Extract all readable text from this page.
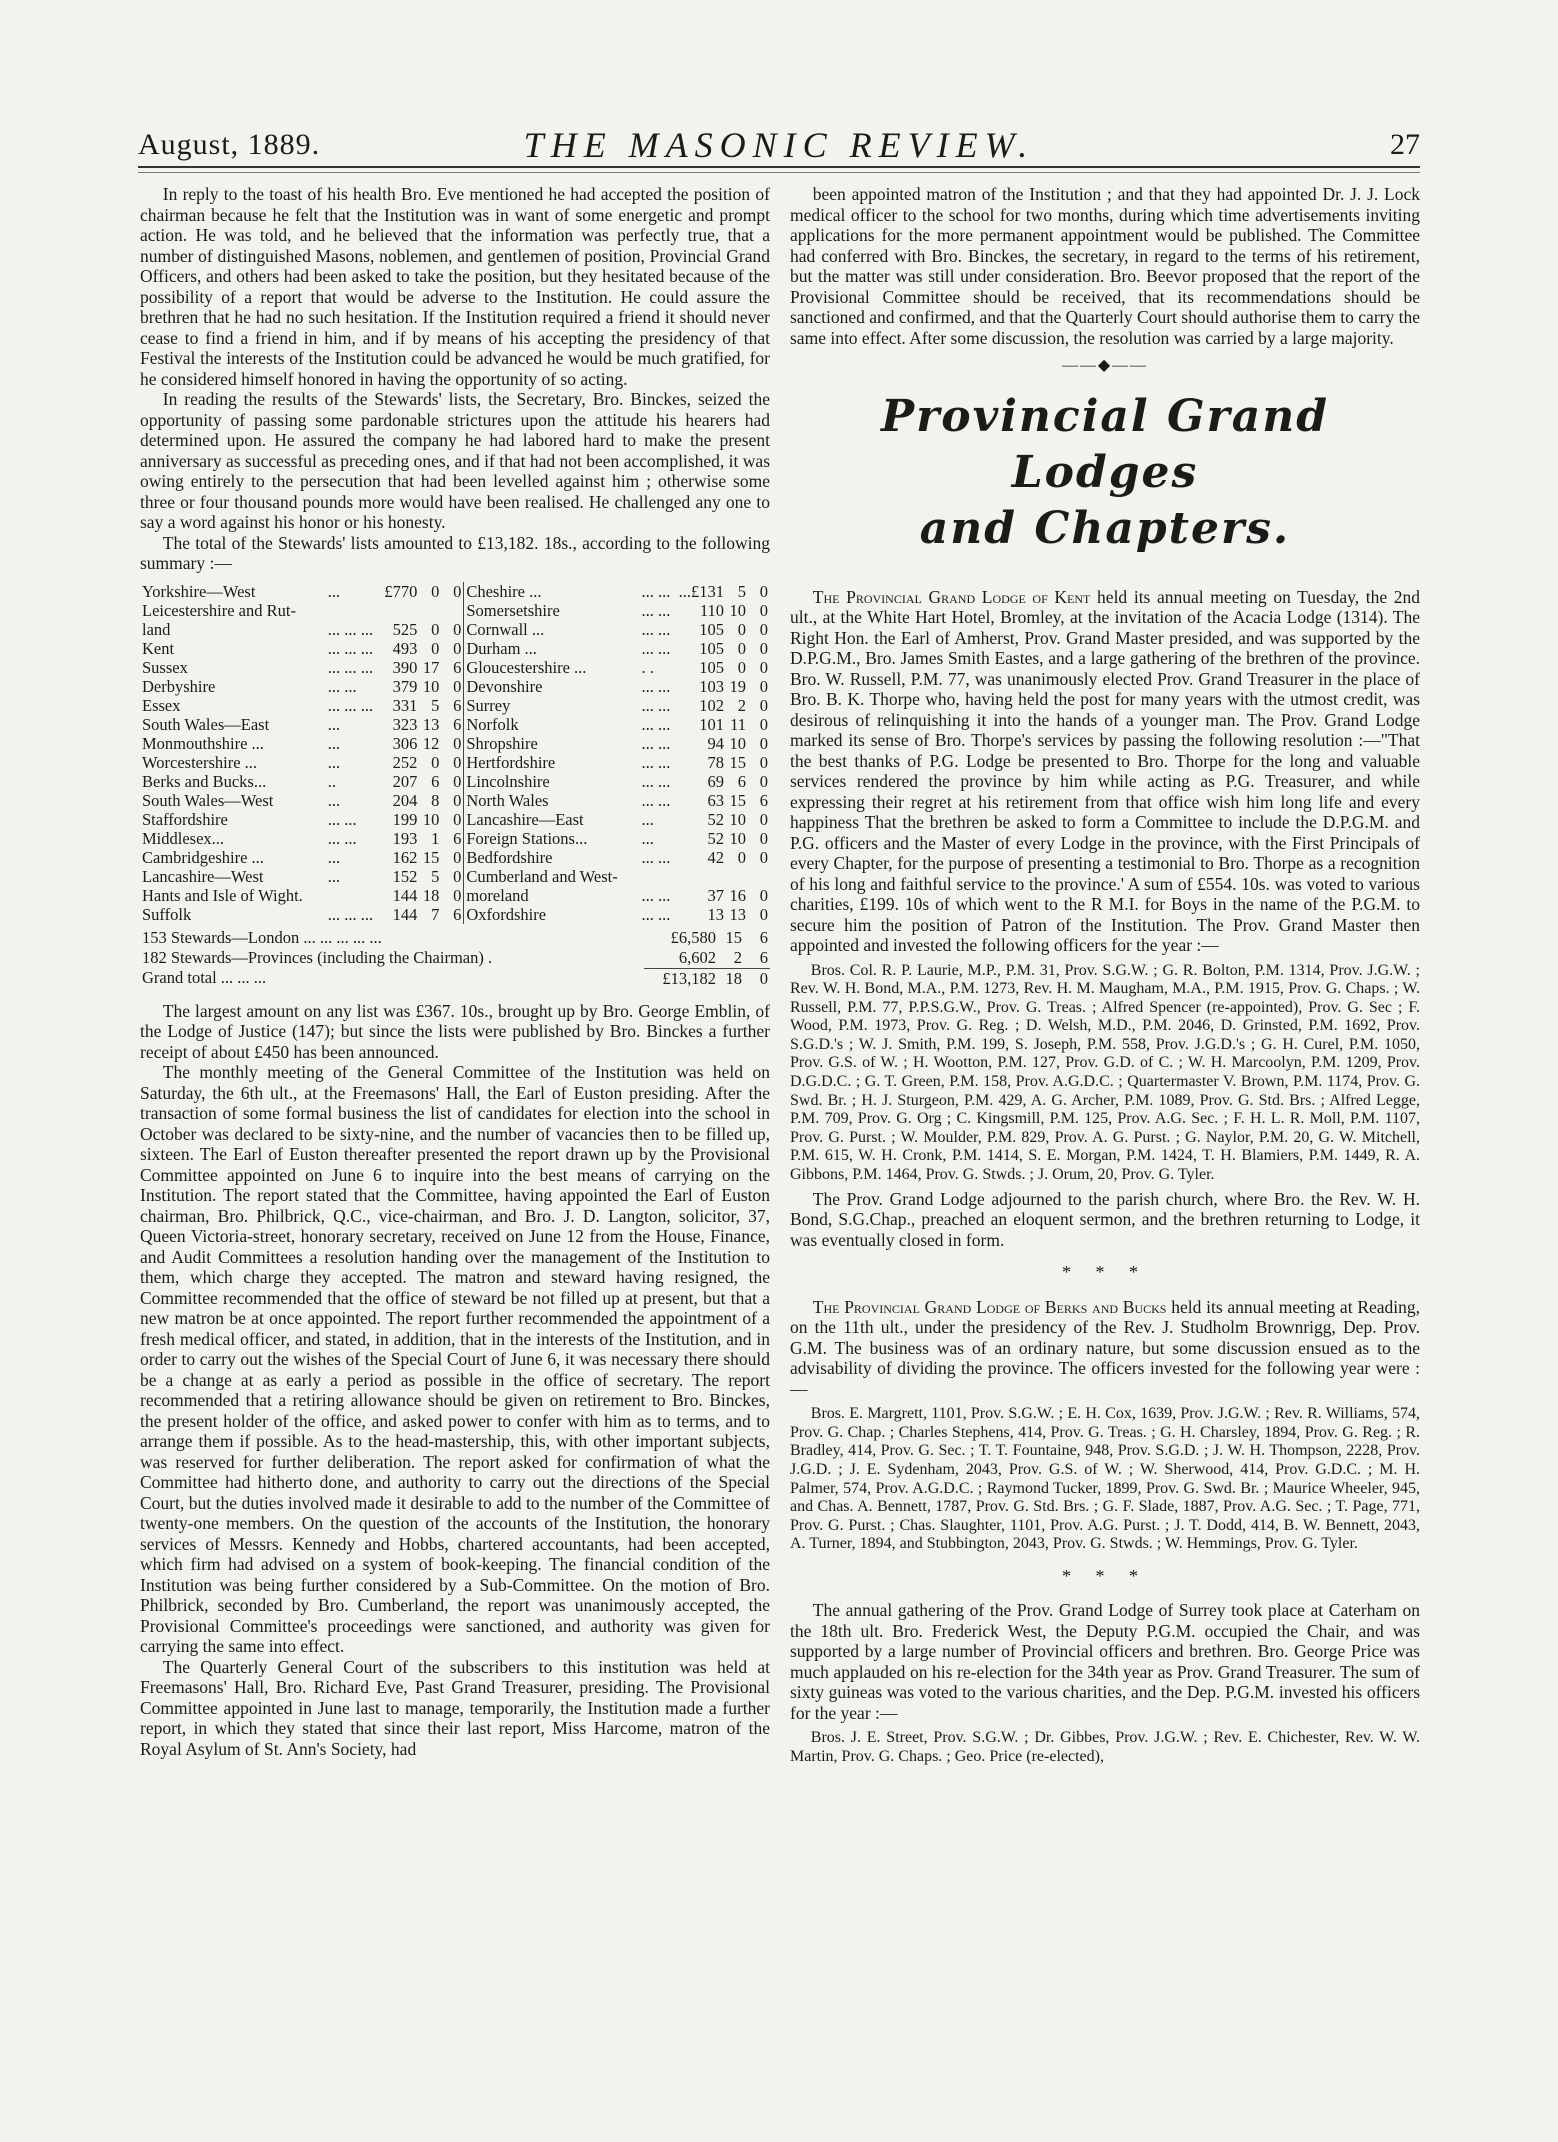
August, 1889.	THE MASONIC REVIEW.	27

In reply to the toast of his health Bro. Eve mentioned he had accepted the position of chairman because he felt that the Institution was in want of some energetic and prompt action. He was told, and he believed that the information was perfectly true, that a number of distinguished Masons, noblemen, and gentlemen of position, Provincial Grand Officers, and others had been asked to take the position, but they hesitated because of the possibility of a report that would be adverse to the Institution. He could assure the brethren that he had no such hesitation. If the Institution required a friend it should never cease to find a friend in him, and if by means of his accepting the presidency of that Festival the interests of the Institution could be advanced he would be much gratified, for he considered himself honored in having the opportunity of so acting.

In reading the results of the Stewards' lists, the Secretary, Bro. Binckes, seized the opportunity of passing some pardonable strictures upon the attitude his hearers had determined upon. He assured the company he had labored hard to make the present anniversary as successful as preceding ones, and if that had not been accomplished, it was owing entirely to the persecution that had been levelled against him ; otherwise some three or four thousand pounds more would have been realised. He challenged any one to say a word against his honor or his honesty.

The total of the Stewards' lists amounted to £13,182. 18s., according to the following summary :—

Yorkshire—West	...	£770	0	0	Cheshire ...	... ...	...£131	5	0
Leicestershire and Rut-					Somersetshire	... ...	110	10	0
land	... ... ...	525	0	0	Cornwall ...	... ...	105	0	0
Kent	... ... ...	493	0	0	Durham ...	... ...	105	0	0
Sussex	... ... ...	390	17	6	Gloucestershire ...	. .	105	0	0
Derbyshire	... ...	379	10	0	Devonshire	... ...	103	19	0
Essex	... ... ...	331	5	6	Surrey	... ...	102	2	0
South Wales—East	...	323	13	6	Norfolk	... ...	101	11	0
Monmouthshire ...	...	306	12	0	Shropshire	... ...	94	10	0
Worcestershire ...	...	252	0	0	Hertfordshire	... ...	78	15	0
Berks and Bucks...	..	207	6	0	Lincolnshire	... ...	69	6	0
South Wales—West	...	204	8	0	North Wales	... ...	63	15	6
Staffordshire	... ...	199	10	0	Lancashire—East	...	52	10	0
Middlesex...	... ...	193	1	6	Foreign Stations...	...	52	10	0
Cambridgeshire ...	...	162	15	0	Bedfordshire	... ...	42	0	0
Lancashire—West	...	152	5	0	Cumberland and West-				
Hants and Isle of Wight.		144	18	0	moreland	... ...	37	16	0
Suffolk	... ... ...	144	7	6	Oxfordshire	... ...	13	13	0
153 Stewards—London ... ... ... ... ...	£6,580	15	6
182 Stewards—Provinces (including the Chairman) .	6,602	2	6
Grand total ... ... ...	£13,182	18	0

The largest amount on any list was £367. 10s., brought up by Bro. George Emblin, of the Lodge of Justice (147); but since the lists were published by Bro. Binckes a further receipt of about £450 has been announced.

The monthly meeting of the General Committee of the Institution was held on Saturday, the 6th ult., at the Freemasons' Hall, the Earl of Euston presiding. After the transaction of some formal business the list of candidates for election into the school in October was declared to be sixty-nine, and the number of vacancies then to be filled up, sixteen. The Earl of Euston thereafter presented the report drawn up by the Provisional Committee appointed on June 6 to inquire into the best means of carrying on the Institution. The report stated that the Committee, having appointed the Earl of Euston chairman, Bro. Philbrick, Q.C., vice-chairman, and Bro. J. D. Langton, solicitor, 37, Queen Victoria-street, honorary secretary, received on June 12 from the House, Finance, and Audit Committees a resolution handing over the management of the Institution to them, which charge they accepted. The matron and steward having resigned, the Committee recommended that the office of steward be not filled up at present, but that a new matron be at once appointed. The report further recommended the appointment of a fresh medical officer, and stated, in addition, that in the interests of the Institution, and in order to carry out the wishes of the Special Court of June 6, it was necessary there should be a change at as early a period as possible in the office of secretary. The report recommended that a retiring allowance should be given on retirement to Bro. Binckes, the present holder of the office, and asked power to confer with him as to terms, and to arrange them if possible. As to the head-mastership, this, with other important subjects, was reserved for further deliberation. The report asked for confirmation of what the Committee had hitherto done, and authority to carry out the directions of the Special Court, but the duties involved made it desirable to add to the number of the Committee of twenty-one members. On the question of the accounts of the Institution, the honorary services of Messrs. Kennedy and Hobbs, chartered accountants, had been accepted, which firm had advised on a system of book-keeping. The financial condition of the Institution was being further considered by a Sub-Committee. On the motion of Bro. Philbrick, seconded by Bro. Cumberland, the report was unanimously accepted, the Provisional Committee's proceedings were sanctioned, and authority was given for carrying the same into effect.

The Quarterly General Court of the subscribers to this institution was held at Freemasons' Hall, Bro. Richard Eve, Past Grand Treasurer, presiding. The Provisional Committee appointed in June last to manage, temporarily, the Institution made a further report, in which they stated that since their last report, Miss Harcome, matron of the Royal Asylum of St. Ann's Society, had

been appointed matron of the Institution ; and that they had appointed Dr. J. J. Lock medical officer to the school for two months, during which time advertisements inviting applications for the more permanent appointment would be published. The Committee had conferred with Bro. Binckes, the secretary, in regard to the terms of his retirement, but the matter was still under consideration. Bro. Beevor proposed that the report of the Provisional Committee should be received, that its recommendations should be sanctioned and confirmed, and that the Quarterly Court should authorise them to carry the same into effect. After some discussion, the resolution was carried by a large majority.

——◆——
Provincial Grand Lodges
and Chapters.

The Provincial Grand Lodge of Kent held its annual meeting on Tuesday, the 2nd ult., at the White Hart Hotel, Bromley, at the invitation of the Acacia Lodge (1314). The Right Hon. the Earl of Amherst, Prov. Grand Master presided, and was supported by the D.P.G.M., Bro. James Smith Eastes, and a large gathering of the brethren of the province. Bro. W. Russell, P.M. 77, was unanimously elected Prov. Grand Treasurer in the place of Bro. B. K. Thorpe who, having held the post for many years with the utmost credit, was desirous of relinquishing it into the hands of a younger man. The Prov. Grand Lodge marked its sense of Bro. Thorpe's services by passing the following resolution :—"That the best thanks of P.G. Lodge be presented to Bro. Thorpe for the long and valuable services rendered the province by him while acting as P.G. Treasurer, and while expressing their regret at his retirement from that office wish him long life and every happiness That the brethren be asked to form a Committee to include the D.P.G.M. and P.G. officers and the Master of every Lodge in the province, with the First Principals of every Chapter, for the purpose of presenting a testimonial to Bro. Thorpe as a recognition of his long and faithful service to the province.' A sum of £554. 10s. was voted to various charities, £199. 10s of which went to the R M.I. for Boys in the name of the P.G.M. to secure him the position of Patron of the Institution. The Prov. Grand Master then appointed and invested the following officers for the year :—

Bros. Col. R. P. Laurie, M.P., P.M. 31, Prov. S.G.W. ; G. R. Bolton, P.M. 1314, Prov. J.G.W. ; Rev. W. H. Bond, M.A., P.M. 1273, Rev. H. M. Maugham, M.A., P.M. 1915, Prov. G. Chaps. ; W. Russell, P.M. 77, P.P.S.G.W., Prov. G. Treas. ; Alfred Spencer (re-appointed), Prov. G. Sec ; F. Wood, P.M. 1973, Prov. G. Reg. ; D. Welsh, M.D., P.M. 2046, D. Grinsted, P.M. 1692, Prov. S.G.D.'s ; W. J. Smith, P.M. 199, S. Joseph, P.M. 558, Prov. J.G.D.'s ; G. H. Curel, P.M. 1050, Prov. G.S. of W. ; H. Wootton, P.M. 127, Prov. G.D. of C. ; W. H. Marcoolyn, P.M. 1209, Prov. D.G.D.C. ; G. T. Green, P.M. 158, Prov. A.G.D.C. ; Quartermaster V. Brown, P.M. 1174, Prov. G. Swd. Br. ; H. J. Sturgeon, P.M. 429, A. G. Archer, P.M. 1089, Prov. G. Std. Brs. ; Alfred Legge, P.M. 709, Prov. G. Org ; C. Kingsmill, P.M. 125, Prov. A.G. Sec. ; F. H. L. R. Moll, P.M. 1107, Prov. G. Purst. ; W. Moulder, P.M. 829, Prov. A. G. Purst. ; G. Naylor, P.M. 20, G. W. Mitchell, P.M. 615, W. H. Cronk, P.M. 1414, S. E. Morgan, P.M. 1424, T. H. Blamiers, P.M. 1449, R. A. Gibbons, P.M. 1464, Prov. G. Stwds. ; J. Orum, 20, Prov. G. Tyler.

The Prov. Grand Lodge adjourned to the parish church, where Bro. the Rev. W. H. Bond, S.G.Chap., preached an eloquent sermon, and the brethren returning to Lodge, it was eventually closed in form.

* * *

The Provincial Grand Lodge of Berks and Bucks held its annual meeting at Reading, on the 11th ult., under the presidency of the Rev. J. Studholm Brownrigg, Dep. Prov. G.M. The business was of an ordinary nature, but some discussion ensued as to the advisability of dividing the province. The officers invested for the following year were :—

Bros. E. Margrett, 1101, Prov. S.G.W. ; E. H. Cox, 1639, Prov. J.G.W. ; Rev. R. Williams, 574, Prov. G. Chap. ; Charles Stephens, 414, Prov. G. Treas. ; G. H. Charsley, 1894, Prov. G. Reg. ; R. Bradley, 414, Prov. G. Sec. ; T. T. Fountaine, 948, Prov. S.G.D. ; J. W. H. Thompson, 2228, Prov. J.G.D. ; J. E. Sydenham, 2043, Prov. G.S. of W. ; W. Sherwood, 414, Prov. G.D.C. ; M. H. Palmer, 574, Prov. A.G.D.C. ; Raymond Tucker, 1899, Prov. G. Swd. Br. ; Maurice Wheeler, 945, and Chas. A. Bennett, 1787, Prov. G. Std. Brs. ; G. F. Slade, 1887, Prov. A.G. Sec. ; T. Page, 771, Prov. G. Purst. ; Chas. Slaughter, 1101, Prov. A.G. Purst. ; J. T. Dodd, 414, B. W. Bennett, 2043, A. Turner, 1894, and Stubbington, 2043, Prov. G. Stwds. ; W. Hemmings, Prov. G. Tyler.

* * *

The annual gathering of the Prov. Grand Lodge of Surrey took place at Caterham on the 18th ult. Bro. Frederick West, the Deputy P.G.M. occupied the Chair, and was supported by a large number of Provincial officers and brethren. Bro. George Price was much applauded on his re-election for the 34th year as Prov. Grand Treasurer. The sum of sixty guineas was voted to the various charities, and the Dep. P.G.M. invested his officers for the year :—

Bros. J. E. Street, Prov. S.G.W. ; Dr. Gibbes, Prov. J.G.W. ; Rev. E. Chichester, Rev. W. W. Martin, Prov. G. Chaps. ; Geo. Price (re-elected),
